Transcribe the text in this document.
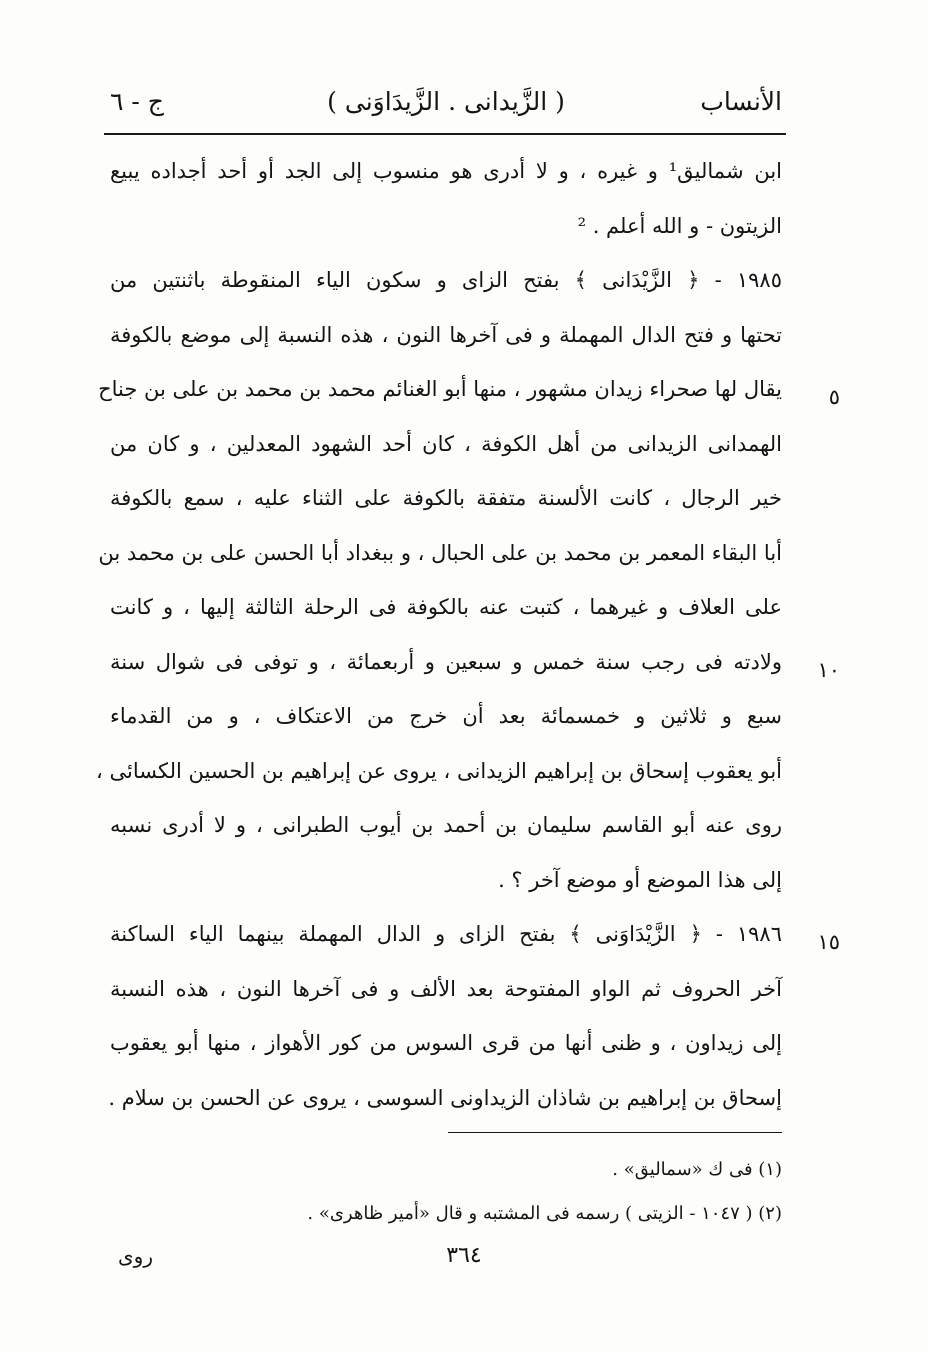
الأنساب
( الزَّيدانى . الزَّيدَاوَنى )
ج - ٦
ابن شماليق¹ و غيره ، و لا أدرى هو منسوب إلى الجد أو أحد أجداده يبيع
الزيتون - و الله أعلم . ²
١٩٨٥ - ﴿ الزَّيْدَانى ﴾ بفتح الزاى و سكون الياء المنقوطة باثنتين من
تحتها و فتح الدال المهملة و فى آخرها النون ، هذه النسبة إلى موضع بالكوفة
يقال لها صحراء زيدان مشهور ، منها أبو الغنائم محمد بن محمد بن على بن جناح ٥
الهمدانى الزيدانى من أهل الكوفة ، كان أحد الشهود المعدلين ، و كان من
خير الرجال ، كانت الألسنة متفقة بالكوفة على الثناء عليه ، سمع بالكوفة
أبا البقاء المعمر بن محمد بن على الحبال ، و ببغداد أبا الحسن على بن محمد بن
على العلاف و غيرهما ، كتبت عنه بالكوفة فى الرحلة الثالثة إليها ، و كانت
ولادته فى رجب سنة خمس و سبعين و أربعمائة ، و توفى فى شوال سنة ١٠
سبع و ثلاثين و خمسمائة بعد أن خرج من الاعتكاف ، و من القدماء
أبو يعقوب إسحاق بن إبراهيم الزيدانى ، يروى عن إبراهيم بن الحسين الكسائى ،
روى عنه أبو القاسم سليمان بن أحمد بن أيوب الطبرانى ، و لا أدرى نسبه
إلى هذا الموضع أو موضع آخر ؟ .
١٩٨٦ - ﴿ الزَّيْدَاوَنى ﴾ بفتح الزاى و الدال المهملة بينهما الياء الساكنة ١٥
آخر الحروف ثم الواو المفتوحة بعد الألف و فى آخرها النون ، هذه النسبة
إلى زيداون ، و ظنى أنها من قرى السوس من كور الأهواز ، منها أبو يعقوب
إسحاق بن إبراهيم بن شاذان الزيداونى السوسى ، يروى عن الحسن بن سلام .
(١) فى ك «سماليق» .
(٢) ( ١٠٤٧ - الزيتى ) رسمه فى المشتبه و قال «أمير ظاهرى» .
٣٦٤
روى
